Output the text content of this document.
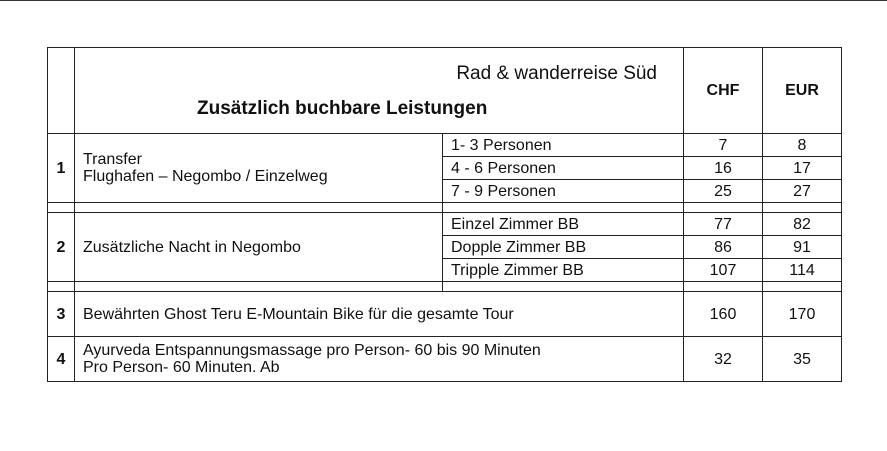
	Rad & wanderreise Süd
Zusätzlich buchbare Leistungen		CHF	EUR
1	Transfer
Flughafen – Negombo / Einzelweg	1- 3 Personen	7	8
		4 - 6 Personen	16	17
		7 - 9 Personen	25	27

2	Zusätzliche Nacht in Negombo	Einzel Zimmer BB	77	82
		Dopple Zimmer BB	86	91
		Tripple Zimmer BB	107	114

3	Bewährten Ghost Teru E-Mountain Bike für die gesamte Tour		160	170
4	Ayurveda Entspannungsmassage pro Person- 60 bis 90 Minuten
Pro Person- 60 Minuten. Ab		32	35
